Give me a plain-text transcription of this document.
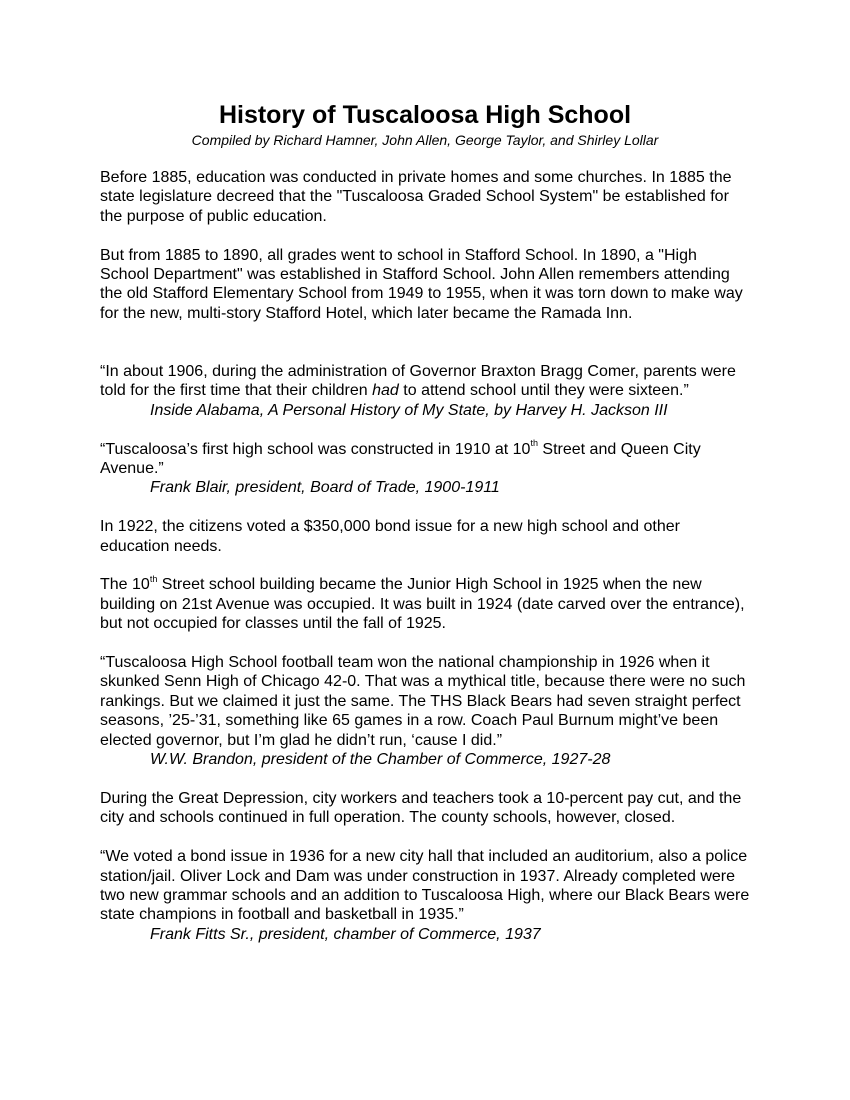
History of Tuscaloosa High School
Compiled by Richard Hamner, John Allen, George Taylor, and Shirley Lollar

Before 1885, education was conducted in private homes and some churches. In 1885 the state legislature decreed that the "Tuscaloosa Graded School System" be established for the purpose of public education.

But from 1885 to 1890, all grades went to school in Stafford School. In 1890, a "High School Department" was established in Stafford School. John Allen remembers attending the old Stafford Elementary School from 1949 to 1955, when it was torn down to make way for the new, multi-story Stafford Hotel, which later became the Ramada Inn.

“In about 1906, during the administration of Governor Braxton Bragg Comer, parents were told for the first time that their children had to attend school until they were sixteen.”

Inside Alabama, A Personal History of My State, by Harvey H. Jackson III

“Tuscaloosa’s first high school was constructed in 1910 at 10th Street and Queen City Avenue.”

Frank Blair, president, Board of Trade, 1900-1911

In 1922, the citizens voted a $350,000 bond issue for a new high school and other education needs.

The 10th Street school building became the Junior High School in 1925 when the new building on 21st Avenue was occupied. It was built in 1924 (date carved over the entrance), but not occupied for classes until the fall of 1925.

“Tuscaloosa High School football team won the national championship in 1926 when it skunked Senn High of Chicago 42-0. That was a mythical title, because there were no such rankings. But we claimed it just the same. The THS Black Bears had seven straight perfect seasons, ’25-’31, something like 65 games in a row. Coach Paul Burnum might’ve been elected governor, but I’m glad he didn’t run, ‘cause I did.”

W.W. Brandon, president of the Chamber of Commerce, 1927-28

During the Great Depression, city workers and teachers took a 10-percent pay cut, and the city and schools continued in full operation. The county schools, however, closed.

“We voted a bond issue in 1936 for a new city hall that included an auditorium, also a police station/jail. Oliver Lock and Dam was under construction in 1937. Already completed were two new grammar schools and an addition to Tuscaloosa High, where our Black Bears were state champions in football and basketball in 1935.”

Frank Fitts Sr., president, chamber of Commerce, 1937
